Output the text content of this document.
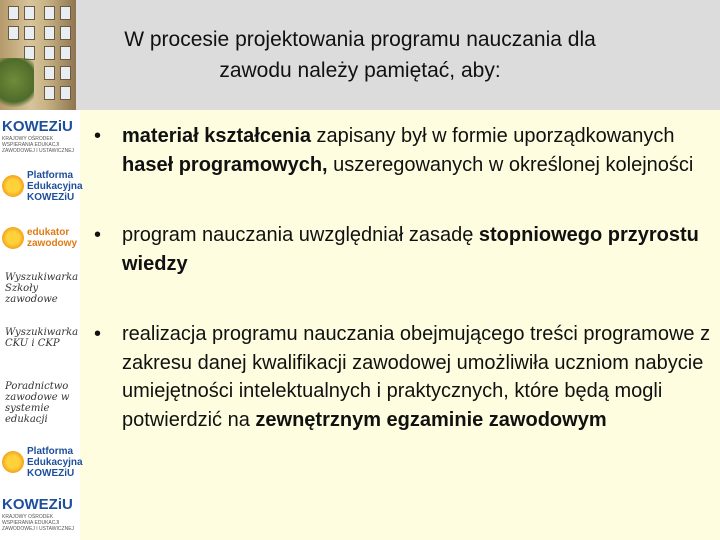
W procesie projektowania programu nauczania dla
zawodu należy pamiętać, aby:
KOWEZiU
KRAJOWY OŚRODEK WSPIERANIA EDUKACJI ZAWODOWEJ I USTAWICZNEJ
Platforma Edukacyjna KOWEZiU
edukator zawodowy
Wyszukiwarka Szkoły zawodowe
Wyszukiwarka CKU i CKP
Poradnictwo zawodowe w systemie edukacji
Platforma Edukacyjna KOWEZiU
KOWEZiU
KRAJOWY OŚRODEK WSPIERANIA EDUKACJI ZAWODOWEJ I USTAWICZNEJ

• materiał kształcenia zapisany był w formie uporządkowanych haseł programowych, uszeregowanych w określonej kolejności

• program nauczania uwzględniał zasadę stopniowego przyrostu wiedzy

• realizacja programu nauczania obejmującego treści programowe z zakresu danej kwalifikacji zawodowej umożliwiła uczniom nabycie umiejętności intelektualnych i praktycznych, które będą mogli potwierdzić na zewnętrznym egzaminie zawodowym
